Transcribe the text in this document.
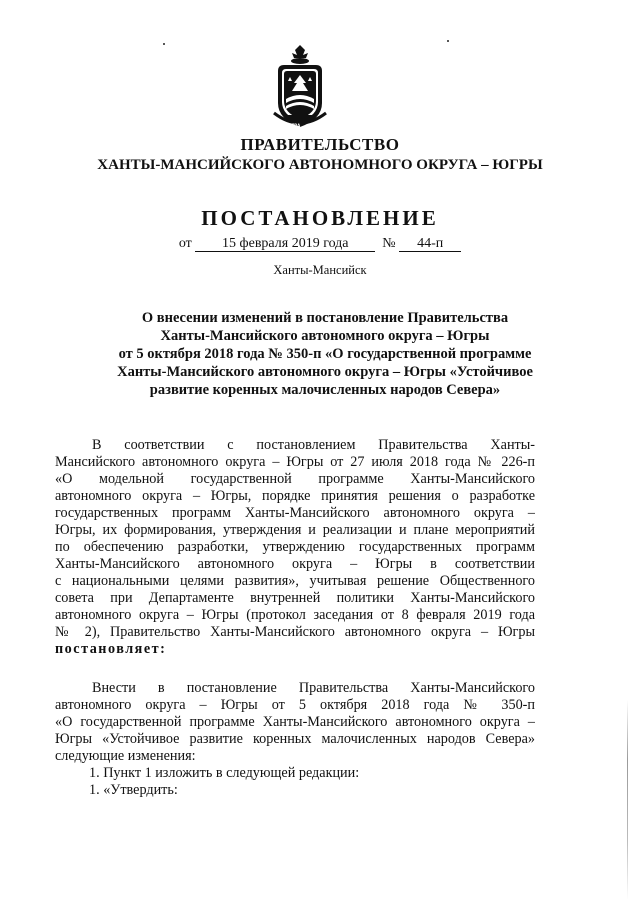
ЮГРА
ПРАВИТЕЛЬСТВО
ХАНТЫ-МАНСИЙСКОГО АВТОНОМНОГО ОКРУГА – ЮГРЫ
ПОСТАНОВЛЕНИЕ
от 15 февраля 2019 года № 44-п
Ханты-Мансийск
О внесении изменений в постановление Правительства
Ханты-Мансийского автономного округа – Югры
от 5 октября 2018 года № 350-п «О государственной программе
Ханты-Мансийского автономного округа – Югры «Устойчивое
развитие коренных малочисленных народов Севера»
В соответствии с постановлением Правительства Ханты-
Мансийского автономного округа – Югры от 27 июля 2018 года № 226-п
«О модельной государственной программе Ханты-Мансийского
автономного округа – Югры, порядке принятия решения о разработке
государственных программ Ханты-Мансийского автономного округа –
Югры, их формирования, утверждения и реализации и плане мероприятий
по обеспечению разработки, утверждению государственных программ
Ханты-Мансийского автономного округа – Югры в соответствии
с национальными целями развития», учитывая решение Общественного
совета при Департаменте внутренней политики Ханты-Мансийского
автономного округа – Югры (протокол заседания от 8 февраля 2019 года
№ 2), Правительство Ханты-Мансийского автономного округа – Югры
постановляет:
Внести в постановление Правительства Ханты-Мансийского
автономного округа – Югры от 5 октября 2018 года № 350-п
«О государственной программе Ханты-Мансийского автономного округа –
Югры «Устойчивое развитие коренных малочисленных народов Севера»
следующие изменения:
1. Пункт 1 изложить в следующей редакции:
1. «Утвердить:
